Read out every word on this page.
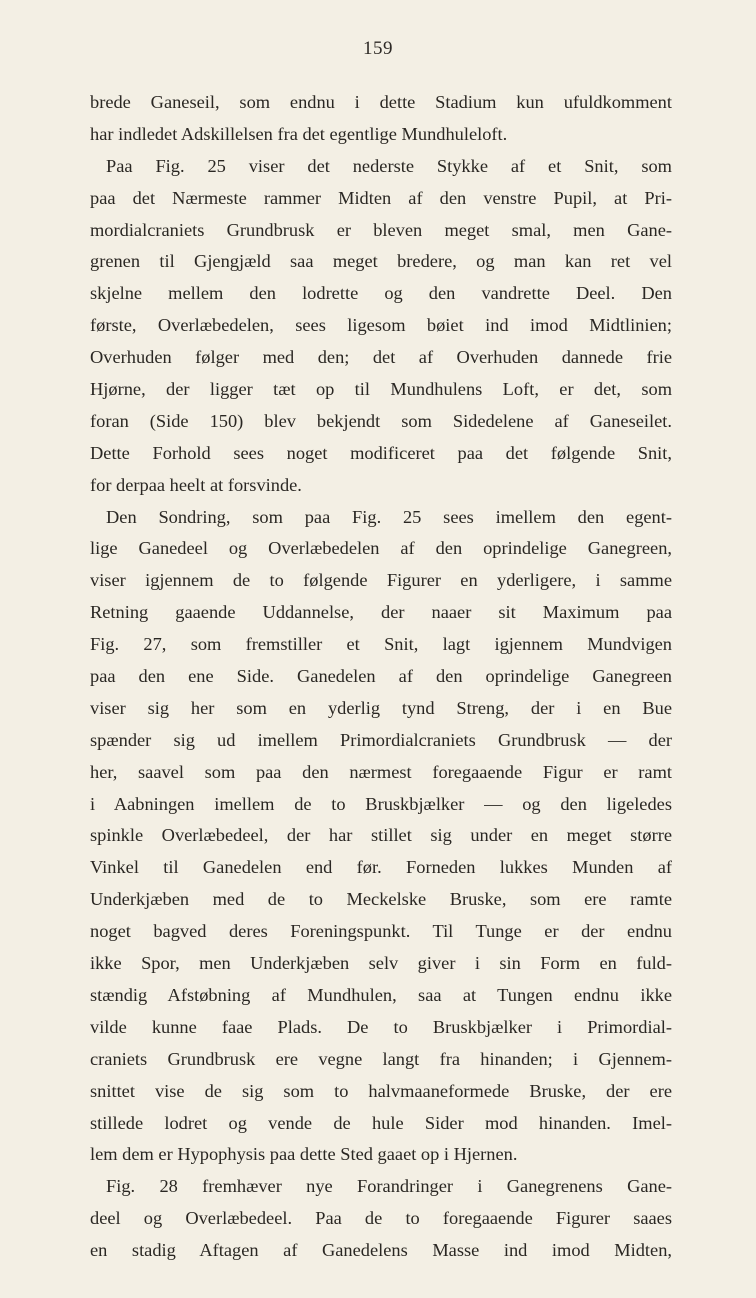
159
brede Ganeseil, som endnu i dette Stadium kun ufuldkomment
har indledet Adskillelsen fra det egentlige Mundhuleloft.
Paa Fig. 25 viser det nederste Stykke af et Snit, som
paa det Nærmeste rammer Midten af den venstre Pupil, at Pri-
mordialcraniets Grundbrusk er bleven meget smal, men Gane-
grenen til Gjengjæld saa meget bredere, og man kan ret vel
skjelne mellem den lodrette og den vandrette Deel. Den
første, Overlæbedelen, sees ligesom bøiet ind imod Midtlinien;
Overhuden følger med den; det af Overhuden dannede frie
Hjørne, der ligger tæt op til Mundhulens Loft, er det, som
foran (Side 150) blev bekjendt som Sidedelene af Ganeseilet.
Dette Forhold sees noget modificeret paa det følgende Snit,
for derpaa heelt at forsvinde.
Den Sondring, som paa Fig. 25 sees imellem den egent-
lige Ganedeel og Overlæbedelen af den oprindelige Ganegreen,
viser igjennem de to følgende Figurer en yderligere, i samme
Retning gaaende Uddannelse, der naaer sit Maximum paa
Fig. 27, som fremstiller et Snit, lagt igjennem Mundvigen
paa den ene Side. Ganedelen af den oprindelige Ganegreen
viser sig her som en yderlig tynd Streng, der i en Bue
spænder sig ud imellem Primordialcraniets Grundbrusk — der
her, saavel som paa den nærmest foregaaende Figur er ramt
i Aabningen imellem de to Bruskbjælker — og den ligeledes
spinkle Overlæbedeel, der har stillet sig under en meget større
Vinkel til Ganedelen end før. Forneden lukkes Munden af
Underkjæben med de to Meckelske Bruske, som ere ramte
noget bagved deres Foreningspunkt. Til Tunge er der endnu
ikke Spor, men Underkjæben selv giver i sin Form en fuld-
stændig Afstøbning af Mundhulen, saa at Tungen endnu ikke
vilde kunne faae Plads. De to Bruskbjælker i Primordial-
craniets Grundbrusk ere vegne langt fra hinanden; i Gjennem-
snittet vise de sig som to halvmaaneformede Bruske, der ere
stillede lodret og vende de hule Sider mod hinanden. Imel-
lem dem er Hypophysis paa dette Sted gaaet op i Hjernen.
Fig. 28 fremhæver nye Forandringer i Ganegrenens Gane-
deel og Overlæbedeel. Paa de to foregaaende Figurer saaes
en stadig Aftagen af Ganedelens Masse ind imod Midten,
